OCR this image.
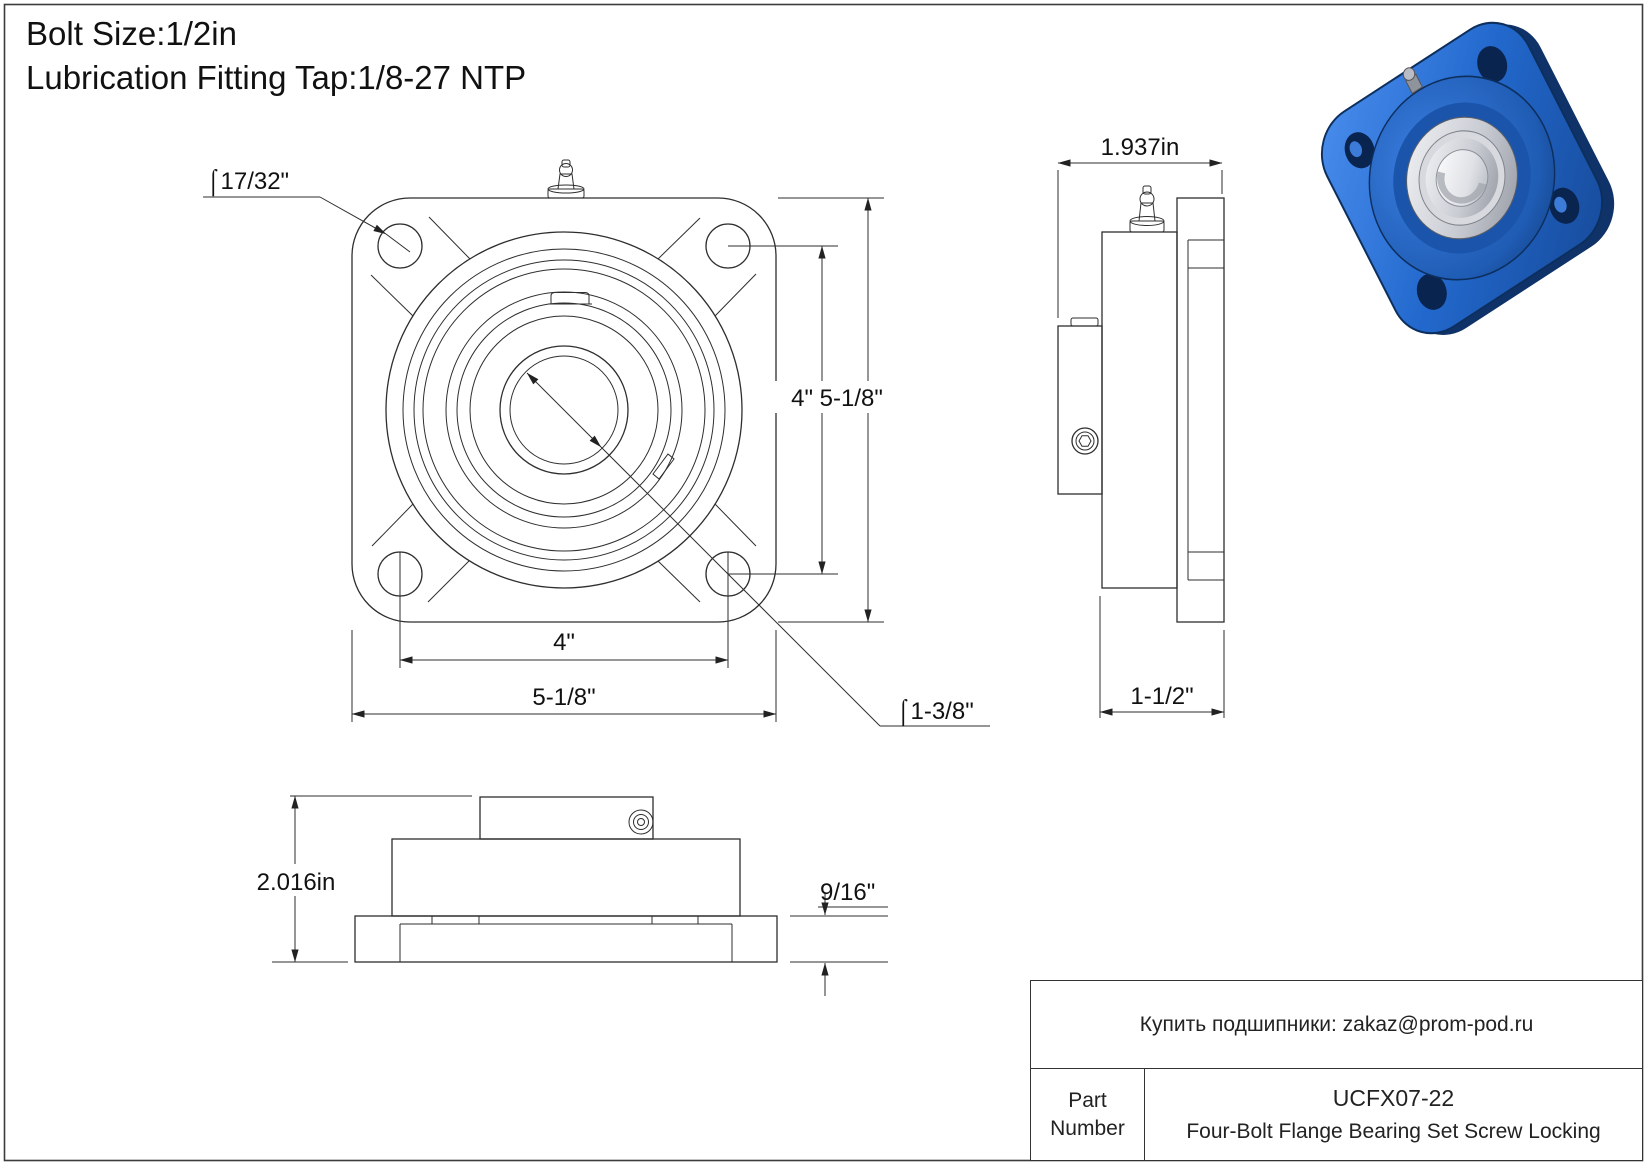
⌠17/32"
4"
5-1/8"
4" 5-1/8"
⌠1-3/8"
1.937in
1-1/2"
2.016in	9/16"
Bolt Size:1/2in
Lubrication Fitting Tap:1/8-27 NTP
Купить подшипники: zakaz@prom-pod.ru
Part
Number
UCFX07-22
Four-Bolt Flange Bearing Set Screw Locking
